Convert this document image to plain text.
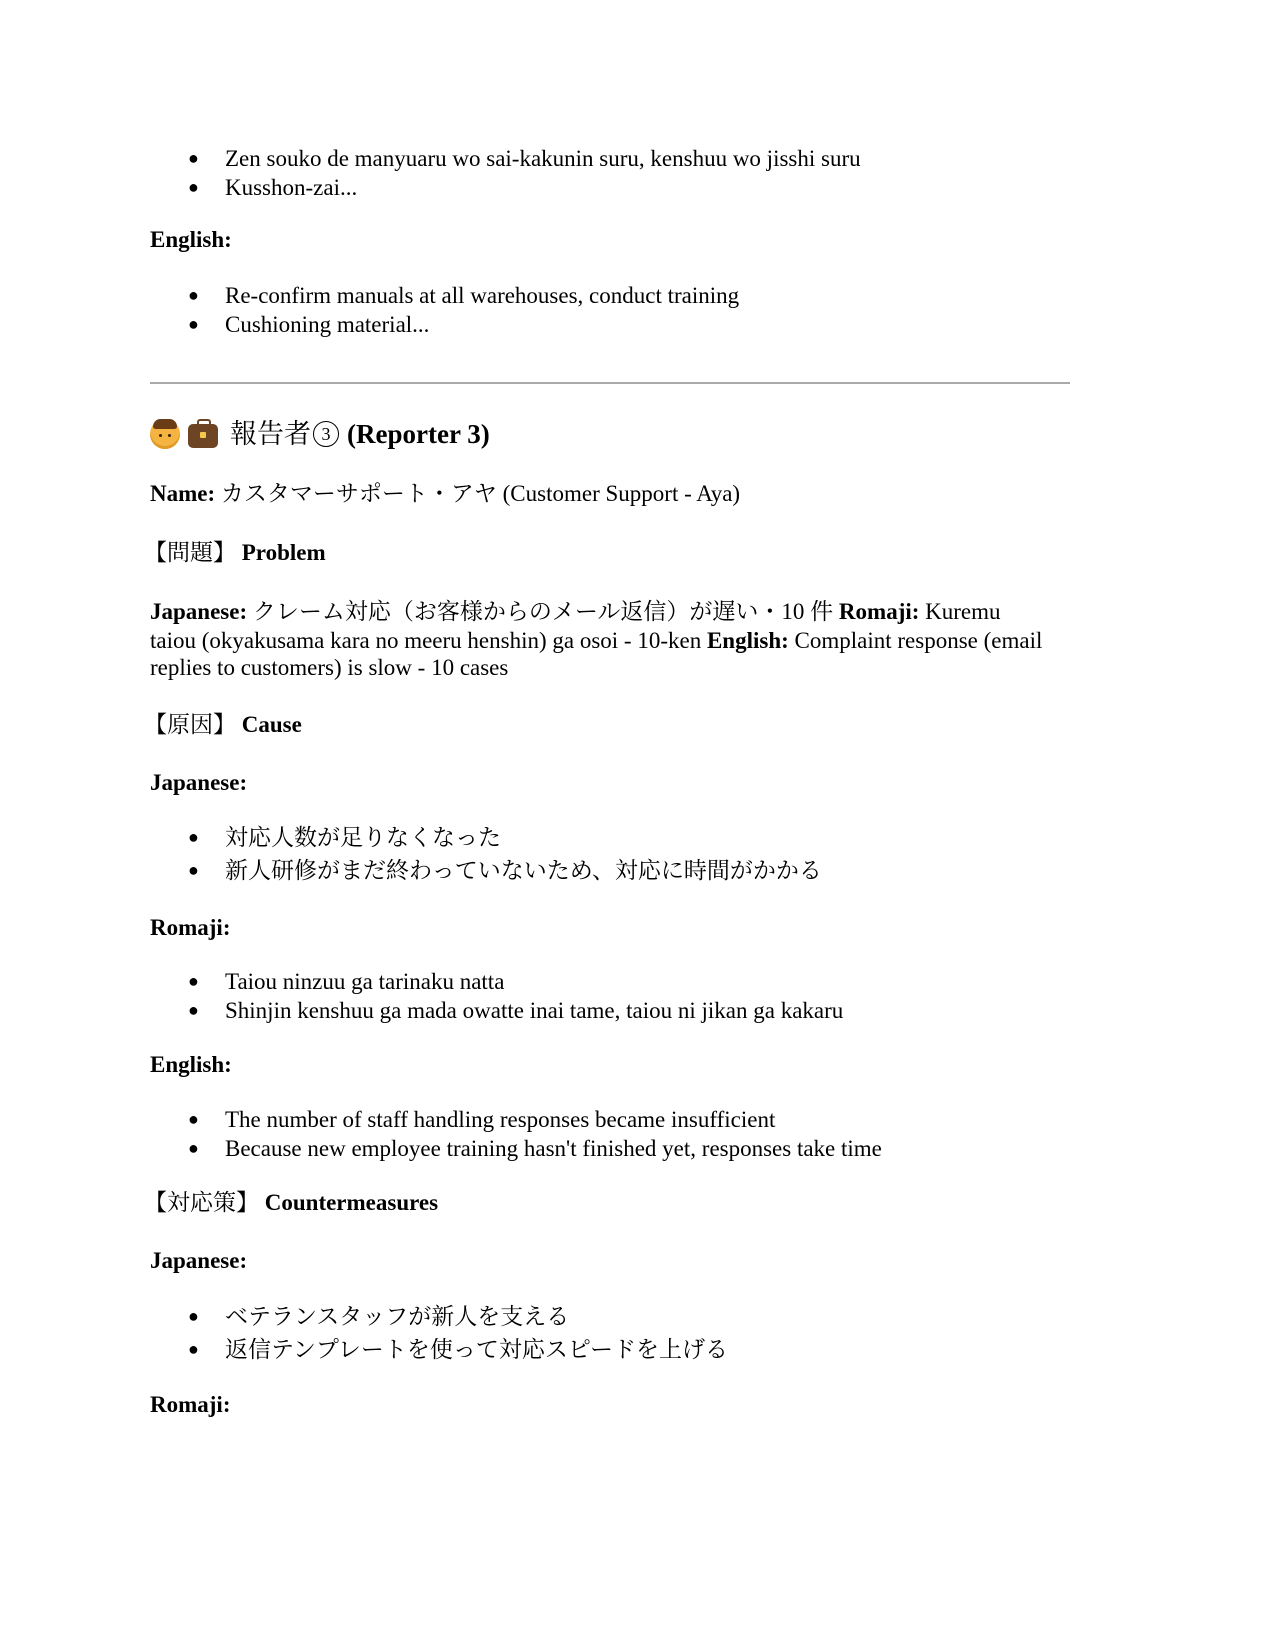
● Zen souko de manyuaru wo sai-kakunin suru, kenshuu wo jisshi suru
● Kusshon-zai...
English:
● Re-confirm manuals at all warehouses, conduct training
● Cushioning material...
報告者 3 (Reporter 3)
Name: カスタマーサポート・アヤ (Customer Support - Aya)
【問題】 Problem
Japanese: クレーム対応（お客様からのメール返信）が遅い・10 件 Romaji: Kuremu
taiou (okyakusama kara no meeru henshin) ga osoi - 10-ken English: Complaint response (email
replies to customers) is slow - 10 cases
【原因】 Cause
Japanese:
● 対応人数が足りなくなった
● 新人研修がまだ終わっていないため、対応に時間がかかる
Romaji:
● Taiou ninzuu ga tarinaku natta
● Shinjin kenshuu ga mada owatte inai tame, taiou ni jikan ga kakaru
English:
● The number of staff handling responses became insufficient
● Because new employee training hasn't finished yet, responses take time
【対応策】 Countermeasures
Japanese:
● ベテランスタッフが新人を支える
● 返信テンプレートを使って対応スピードを上げる
Romaji:
